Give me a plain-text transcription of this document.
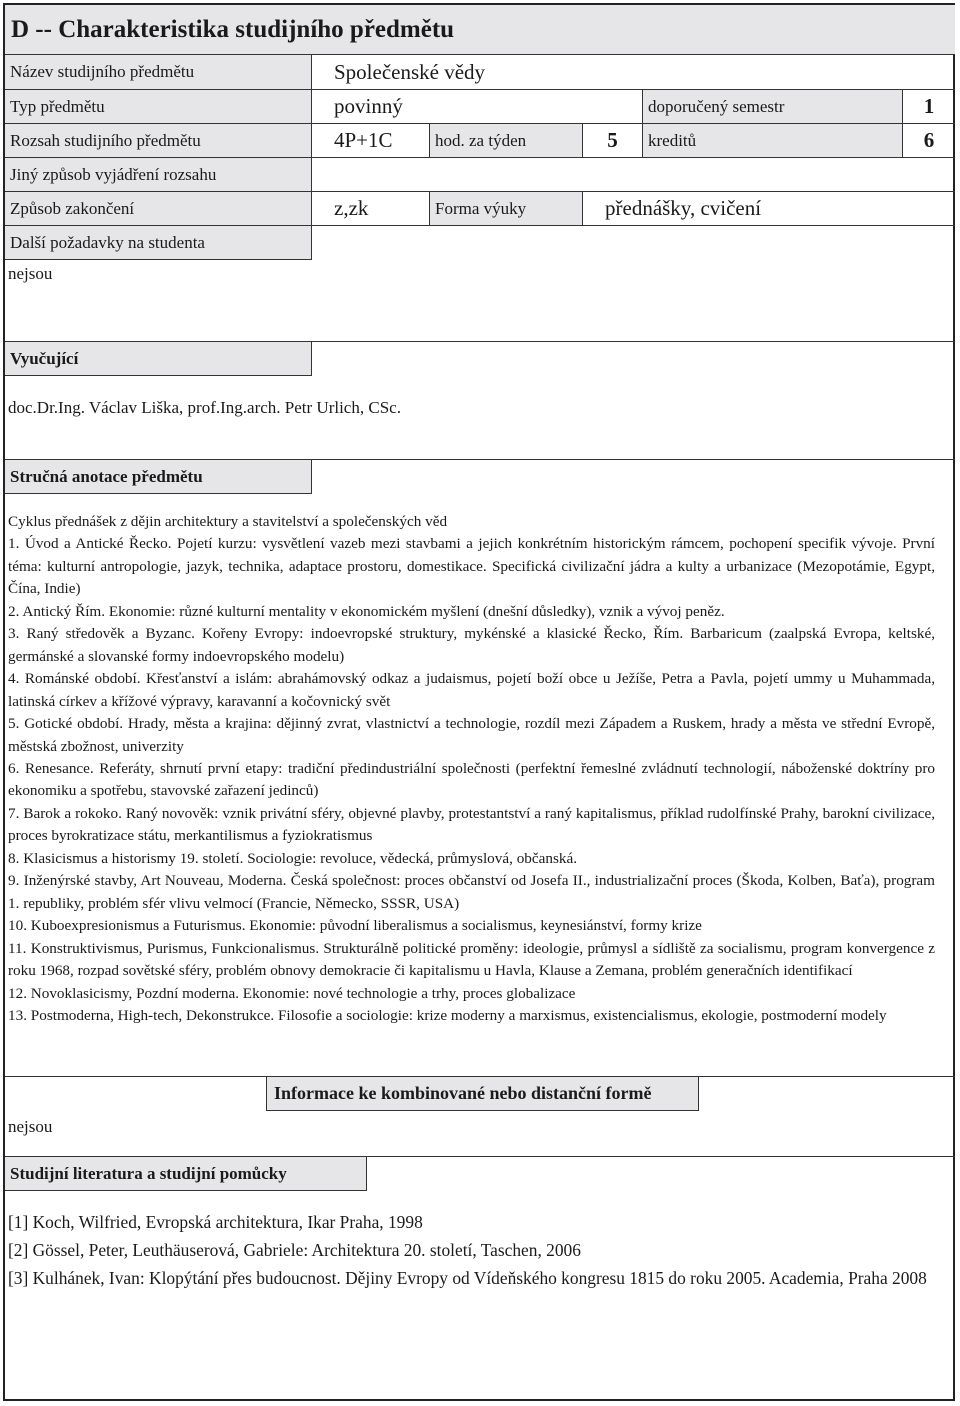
D -- Charakteristika studijního předmětu
Název studijního předmětu	Společenské vědy
Typ předmětu	povinný	doporučený semestr	1
Rozsah studijního předmětu	4P+1C	hod. za týden	5	kreditů	6
Jiný způsob vyjádření rozsahu
Způsob zakončení	z,zk	Forma výuky	přednášky, cvičení
Další požadavky na studenta
nejsou
Vyučující
doc.Dr.Ing. Václav Liška, prof.Ing.arch. Petr Urlich, CSc.
Stručná anotace předmětu

Cyklus přednášek z dějin architektury a stavitelství a společenských věd

1. Úvod a Antické Řecko. Pojetí kurzu: vysvětlení vazeb mezi stavbami a jejich konkrétním historickým rámcem, pochopení specifik vývoje. První téma: kulturní antropologie, jazyk, technika, adaptace prostoru, domestikace. Specifická civilizační jádra a kulty a urbanizace (Mezopotámie, Egypt, Čína, Indie)

2. Antický Řím. Ekonomie: různé kulturní mentality v ekonomickém myšlení (dnešní důsledky), vznik a vývoj peněz.

3. Raný středověk a Byzanc. Kořeny Evropy: indoevropské struktury, mykénské a klasické Řecko, Řím. Barbaricum (zaalpská Evropa, keltské, germánské a slovanské formy indoevropského modelu)

4. Románské období. Křesťanství a islám: abrahámovský odkaz a judaismus, pojetí boží obce u Ježíše, Petra a Pavla, pojetí ummy u Muhammada, latinská církev a křížové výpravy, karavanní a kočovnický svět

5. Gotické období. Hrady, města a krajina: dějinný zvrat, vlastnictví a technologie, rozdíl mezi Západem a Ruskem, hrady a města ve střední Evropě, městská zbožnost, univerzity

6. Renesance. Referáty, shrnutí první etapy: tradiční předindustriální společnosti (perfektní řemeslné zvládnutí technologií, náboženské doktríny pro ekonomiku a spotřebu, stavovské zařazení jedinců)

7. Barok a rokoko. Raný novověk: vznik privátní sféry, objevné plavby, protestantství a raný kapitalismus, příklad rudolfínské Prahy, barokní civilizace, proces byrokratizace státu, merkantilismus a fyziokratismus

8. Klasicismus a historismy 19. století. Sociologie: revoluce, vědecká, průmyslová, občanská.

9. Inženýrské stavby, Art Nouveau, Moderna. Česká společnost: proces občanství od Josefa II., industrializační proces (Škoda, Kolben, Baťa), program 1. republiky, problém sfér vlivu velmocí (Francie, Německo, SSSR, USA)

10. Kuboexpresionismus a Futurismus. Ekonomie: původní liberalismus a socialismus, keynesiánství, formy krize

11. Konstruktivismus, Purismus, Funkcionalismus. Strukturálně politické proměny: ideologie, průmysl a sídliště za socialismu, program konvergence z roku 1968, rozpad sovětské sféry, problém obnovy demokracie či kapitalismu u Havla, Klause a Zemana, problém generačních identifikací

12. Novoklasicismy, Pozdní moderna. Ekonomie: nové technologie a trhy, proces globalizace

13. Postmoderna, High-tech, Dekonstrukce. Filosofie a sociologie: krize moderny a marxismus, existencialismus, ekologie, postmoderní modely

Informace ke kombinované nebo distanční formě
nejsou
Studijní literatura a studijní pomůcky

[1] Koch, Wilfried, Evropská architektura, Ikar Praha, 1998

[2] Gössel, Peter, Leuthäuserová, Gabriele: Architektura 20. století, Taschen, 2006

[3] Kulhánek, Ivan: Klopýtání přes budoucnost. Dějiny Evropy od Vídeňského kongresu 1815 do roku 2005. Academia, Praha 2008
